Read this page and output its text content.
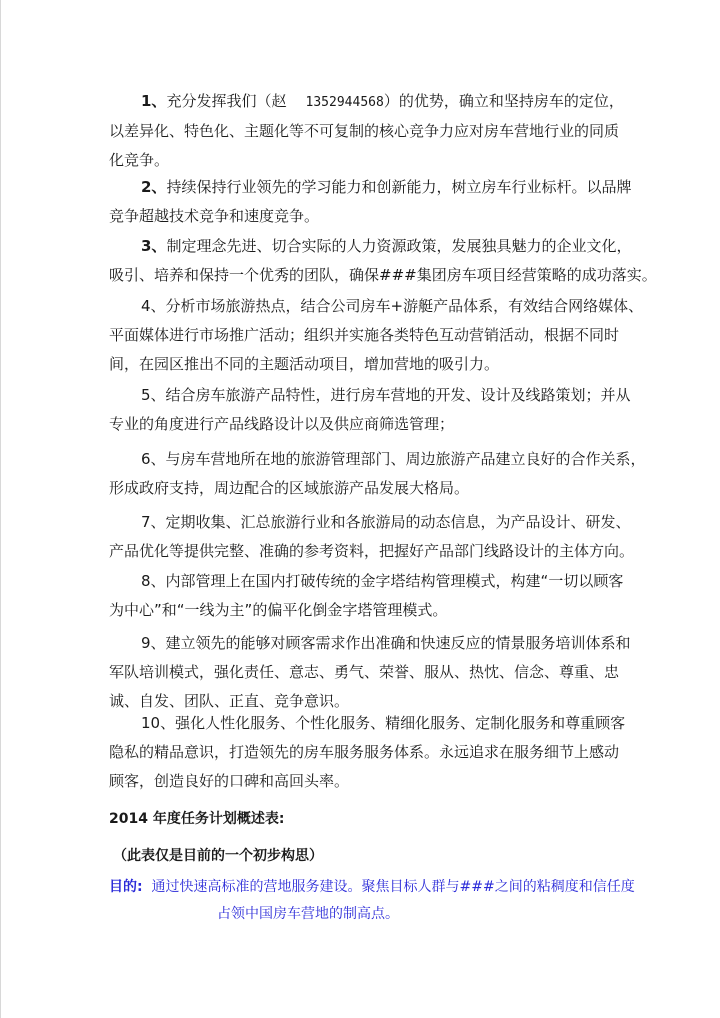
1、充分发挥我们（赵 1352944568）的优势，确立和坚持房车的定位，
以差异化、特色化、主题化等不可复制的核心竞争力应对房车营地行业的同质
化竞争。
2、持续保持行业领先的学习能力和创新能力，树立房车行业标杆。以品牌
竞争超越技术竞争和速度竞争。
3、制定理念先进、切合实际的人力资源政策，发展独具魅力的企业文化，
吸引、培养和保持一个优秀的团队，确保###集团房车项目经营策略的成功落实。
4、分析市场旅游热点，结合公司房车+游艇产品体系，有效结合网络媒体、
平面媒体进行市场推广活动；组织并实施各类特色互动营销活动，根据不同时
间，在园区推出不同的主题活动项目，增加营地的吸引力。
5、结合房车旅游产品特性，进行房车营地的开发、设计及线路策划；并从
专业的角度进行产品线路设计以及供应商筛选管理；
6、与房车营地所在地的旅游管理部门、周边旅游产品建立良好的合作关系，
形成政府支持，周边配合的区域旅游产品发展大格局。
7、定期收集、汇总旅游行业和各旅游局的动态信息，为产品设计、研发、
产品优化等提供完整、准确的参考资料，把握好产品部门线路设计的主体方向。
8、内部管理上在国内打破传统的金字塔结构管理模式，构建“一切以顾客
为中心”和“一线为主”的偏平化倒金字塔管理模式。
9、建立领先的能够对顾客需求作出准确和快速反应的情景服务培训体系和
军队培训模式，强化责任、意志、勇气、荣誉、服从、热忱、信念、尊重、忠
诚、自发、团队、正直、竞争意识。
10、强化人性化服务、个性化服务、精细化服务、定制化服务和尊重顾客
隐私的精品意识，打造领先的房车服务服务体系。永远追求在服务细节上感动
顾客，创造良好的口碑和高回头率。
2014 年度任务计划概述表:
（此表仅是目前的一个初步构思）
目的: 通过快速高标准的营地服务建设。聚焦目标人群与###之间的粘稠度和信任度
占领中国房车营地的制高点。
